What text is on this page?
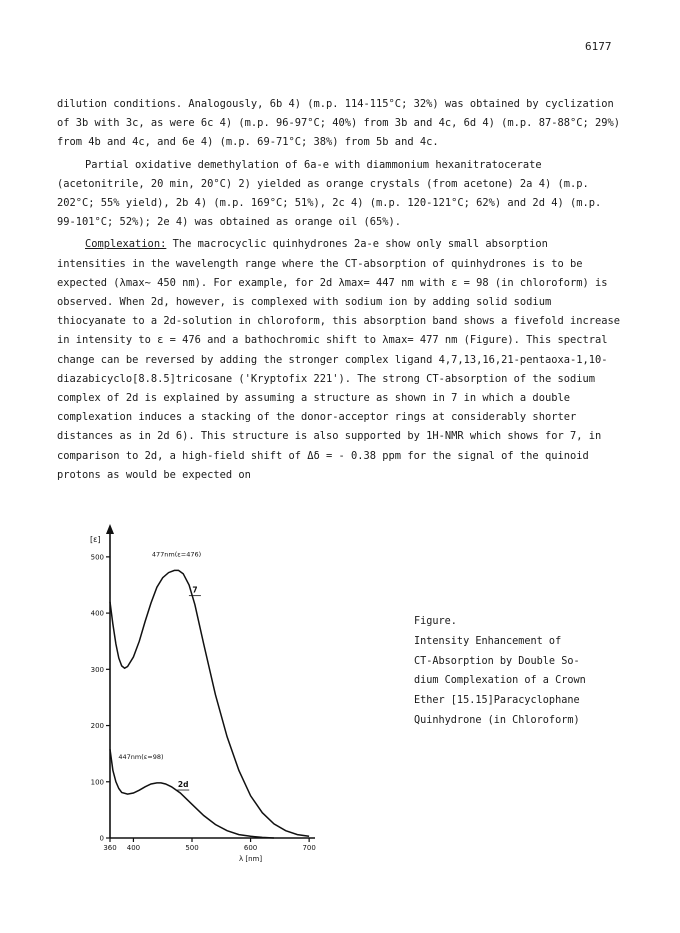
6177

dilution conditions. Analogously, 6b 4) (m.p. 114-115°C; 32%) was obtained by cyclization of 3b with 3c, as were 6c 4) (m.p. 96-97°C; 40%) from 3b and 4c, 6d 4) (m.p. 87-88°C; 29%) from 4b and 4c, and 6e 4) (m.p. 69-71°C; 38%) from 5b and 4c.

Partial oxidative demethylation of 6a-e with diammonium hexanitratocerate (acetonitrile, 20 min, 20°C) 2) yielded as orange crystals (from acetone) 2a 4) (m.p. 202°C; 55% yield), 2b 4) (m.p. 169°C; 51%), 2c 4) (m.p. 120-121°C; 62%) and 2d 4) (m.p. 99-101°C; 52%); 2e 4) was obtained as orange oil (65%).

Complexation: The macrocyclic quinhydrones 2a-e show only small absorption intensities in the wavelength range where the CT-absorption of quinhydrones is to be expected (λmax~ 450 nm). For example, for 2d λmax= 447 nm with ε = 98 (in chloroform) is observed. When 2d, however, is complexed with sodium ion by adding solid sodium thiocyanate to a 2d-solution in chloroform, this absorption band shows a fivefold increase in intensity to ε = 476 and a bathochromic shift to λmax= 477 nm (Figure). This spectral change can be reversed by adding the stronger complex ligand 4,7,13,16,21-pentaoxa-1,10-diazabicyclo[8.8.5]tricosane ('Kryptofix 221'). The strong CT-absorption of the sodium complex of 2d is explained by assuming a structure as shown in 7 in which a double complexation induces a stacking of the donor-acceptor rings at considerably shorter distances as in 2d 6). This structure is also supported by 1H-NMR which shows for 7, in comparison to 2d, a high-field shift of Δδ = - 0.38 ppm for the signal of the quinoid protons as would be expected on
0
100
200
300
400
500
360 400	500	600	700
[ε]
λ [nm]
477nm(ε=476)
7
447nm(ε=98)
2d
Figure.
Intensity Enhancement of
CT-Absorption by Double So-
dium Complexation of a Crown
Ether [15.15]Paracyclophane
Quinhydrone (in Chloroform)
